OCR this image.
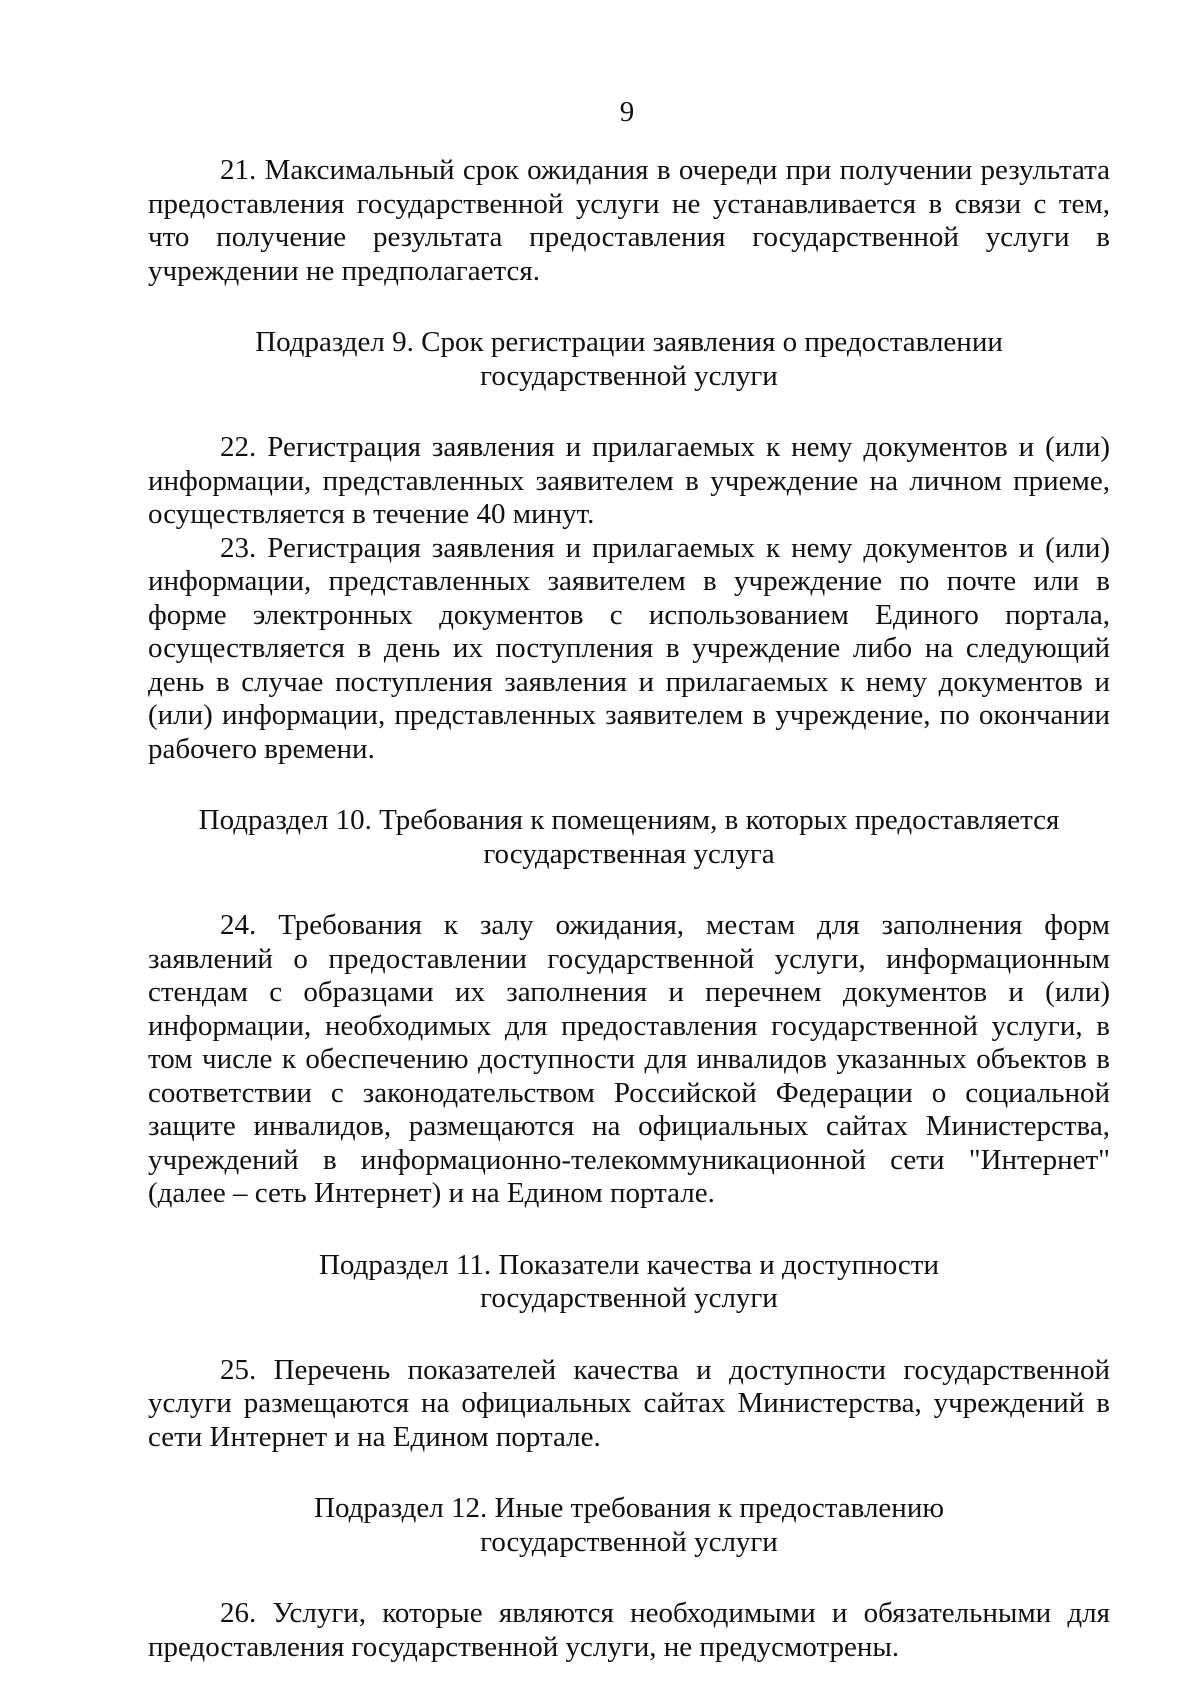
9

21. Максимальный срок ожидания в очереди при получении результата предоставления государственной услуги не устанавливается в связи с тем, что получение результата предоставления государственной услуги в учреждении не предполагается.

Подраздел 9. Срок регистрации заявления о предоставлении
государственной услуги

22. Регистрация заявления и прилагаемых к нему документов и (или) информации, представленных заявителем в учреждение на личном приеме, осуществляется в течение 40 минут.

23. Регистрация заявления и прилагаемых к нему документов и (или) информации, представленных заявителем в учреждение по почте или в форме электронных документов с использованием Единого портала, осуществляется в день их поступления в учреждение либо на следующий день в случае поступления заявления и прилагаемых к нему документов и (или) информации, представленных заявителем в учреждение, по окончании рабочего времени.

Подраздел 10. Требования к помещениям, в которых предоставляется
государственная услуга

24. Требования к залу ожидания, местам для заполнения форм заявлений о предоставлении государственной услуги, информационным стендам с образцами их заполнения и перечнем документов и (или) информации, необходимых для предоставления государственной услуги, в том числе к обеспечению доступности для инвалидов указанных объектов в соответствии с законодательством Российской Федерации о социальной защите инвалидов, размещаются на официальных сайтах Министерства, учреждений в информационно-телекоммуникационной сети "Интернет" (далее – сеть Интернет) и на Едином портале.

Подраздел 11. Показатели качества и доступности
государственной услуги

25. Перечень показателей качества и доступности государственной услуги размещаются на официальных сайтах Министерства, учреждений в сети Интернет и на Едином портале.

Подраздел 12. Иные требования к предоставлению
государственной услуги

26. Услуги, которые являются необходимыми и обязательными для предоставления государственной услуги, не предусмотрены.
